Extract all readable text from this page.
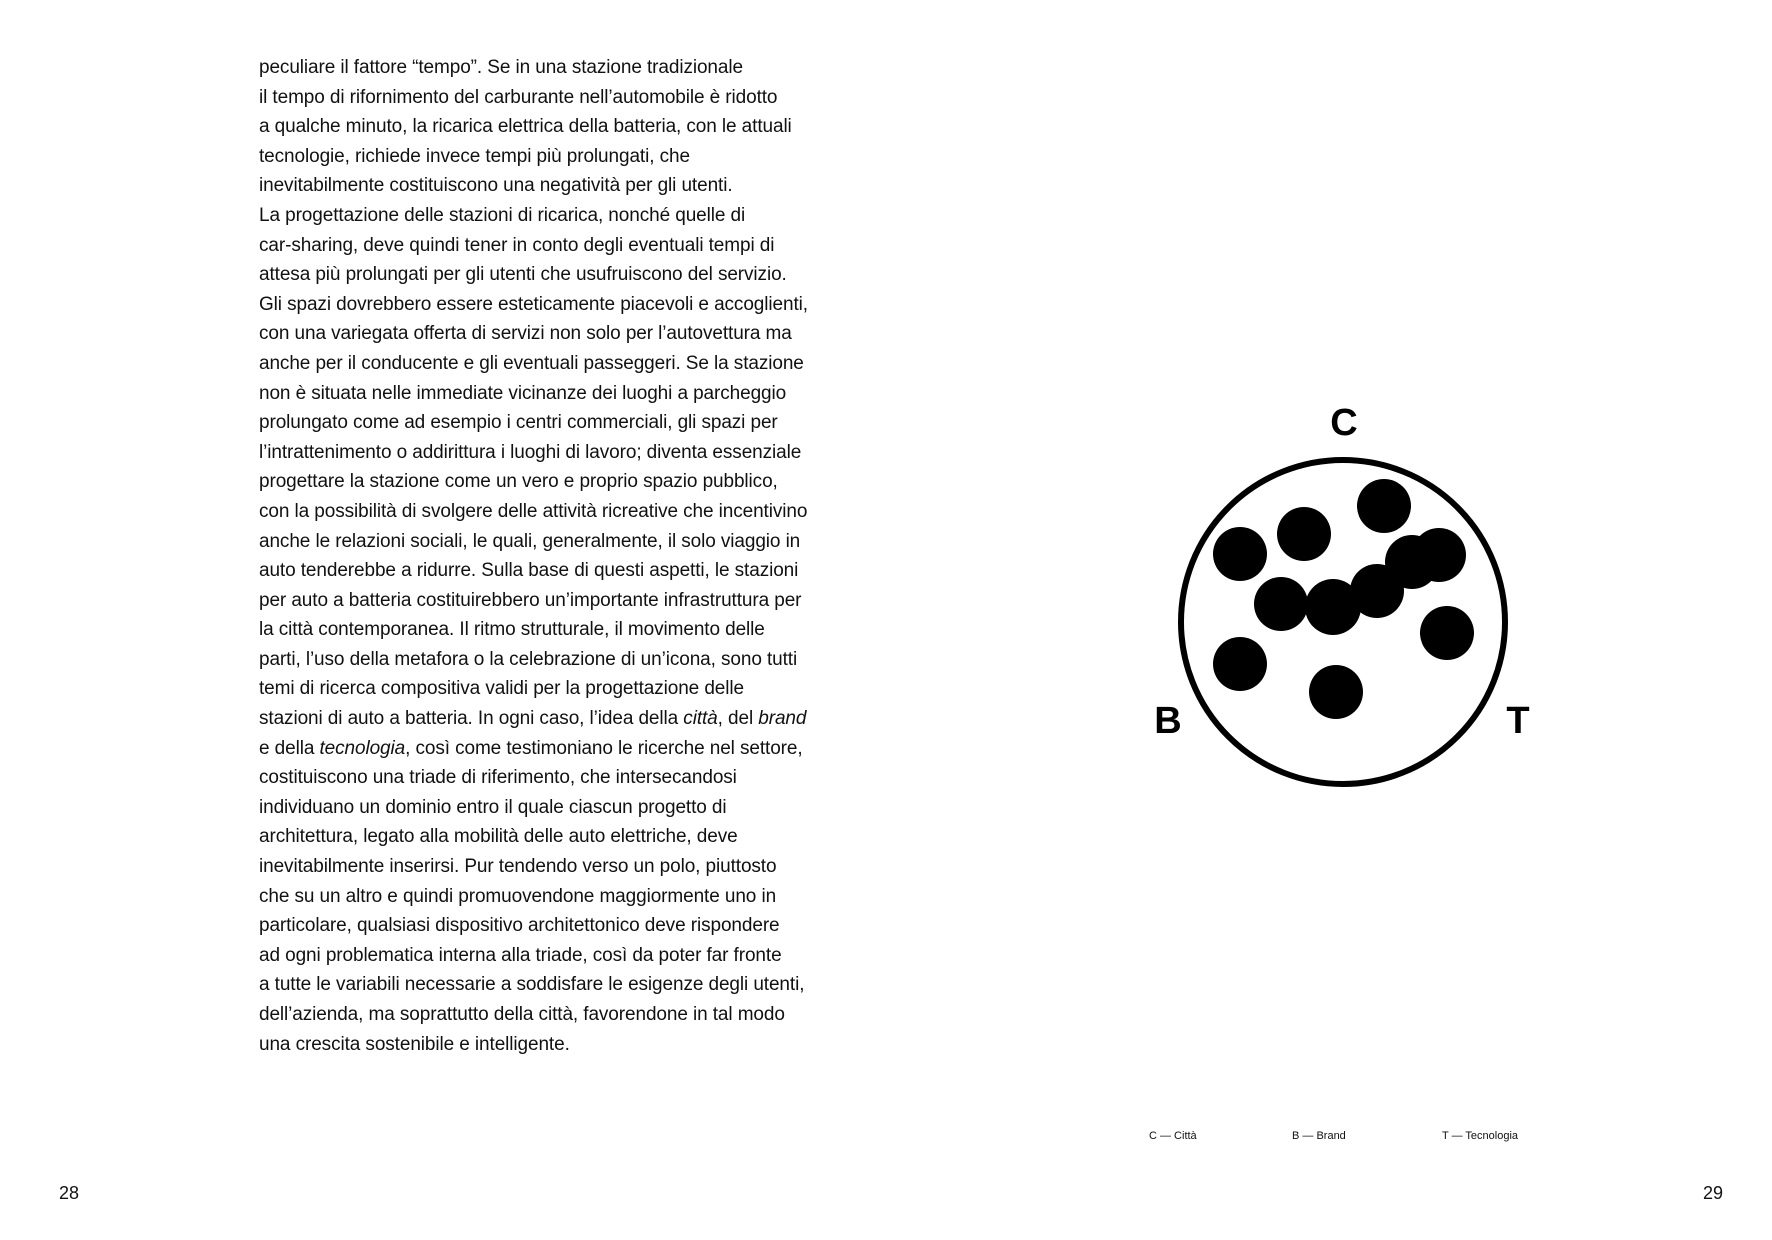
peculiare il fattore “tempo”. Se in una stazione tradizionale
il tempo di rifornimento del carburante nell’automobile è ridotto
a qualche minuto, la ricarica elettrica della batteria, con le attuali
tecnologie, richiede invece tempi più prolungati, che
inevitabilmente costituiscono una negatività per gli utenti.
La progettazione delle stazioni di ricarica, nonché quelle di
car-sharing, deve quindi tener in conto degli eventuali tempi di
attesa più prolungati per gli utenti che usufruiscono del servizio.
Gli spazi dovrebbero essere esteticamente piacevoli e accoglienti,
con una variegata offerta di servizi non solo per l’autovettura ma
anche per il conducente e gli eventuali passeggeri. Se la stazione
non è situata nelle immediate vicinanze dei luoghi a parcheggio
prolungato come ad esempio i centri commerciali, gli spazi per
l’intrattenimento o addirittura i luoghi di lavoro; diventa essenziale
progettare la stazione come un vero e proprio spazio pubblico,
con la possibilità di svolgere delle attività ricreative che incentivino
anche le relazioni sociali, le quali, generalmente, il solo viaggio in
auto tenderebbe a ridurre. Sulla base di questi aspetti, le stazioni
per auto a batteria costituirebbero un’importante infrastruttura per
la città contemporanea. Il ritmo strutturale, il movimento delle
parti, l’uso della metafora o la celebrazione di un’icona, sono tutti
temi di ricerca compositiva validi per la progettazione delle
stazioni di auto a batteria. In ogni caso, l’idea della città, del brand
e della tecnologia, così come testimoniano le ricerche nel settore,
costituiscono una triade di riferimento, che intersecandosi
individuano un dominio entro il quale ciascun progetto di
architettura, legato alla mobilità delle auto elettriche, deve
inevitabilmente inserirsi. Pur tendendo verso un polo, piuttosto
che su un altro e quindi promuovendone maggiormente uno in
particolare, qualsiasi dispositivo architettonico deve rispondere
ad ogni problematica interna alla triade, così da poter far fronte
a tutte le variabili necessarie a soddisfare le esigenze degli utenti,
dell’azienda, ma soprattutto della città, favorendone in tal modo
una crescita sostenibile e intelligente.
28	29
C
B	T
C — Città	B — Brand	T — Tecnologia
